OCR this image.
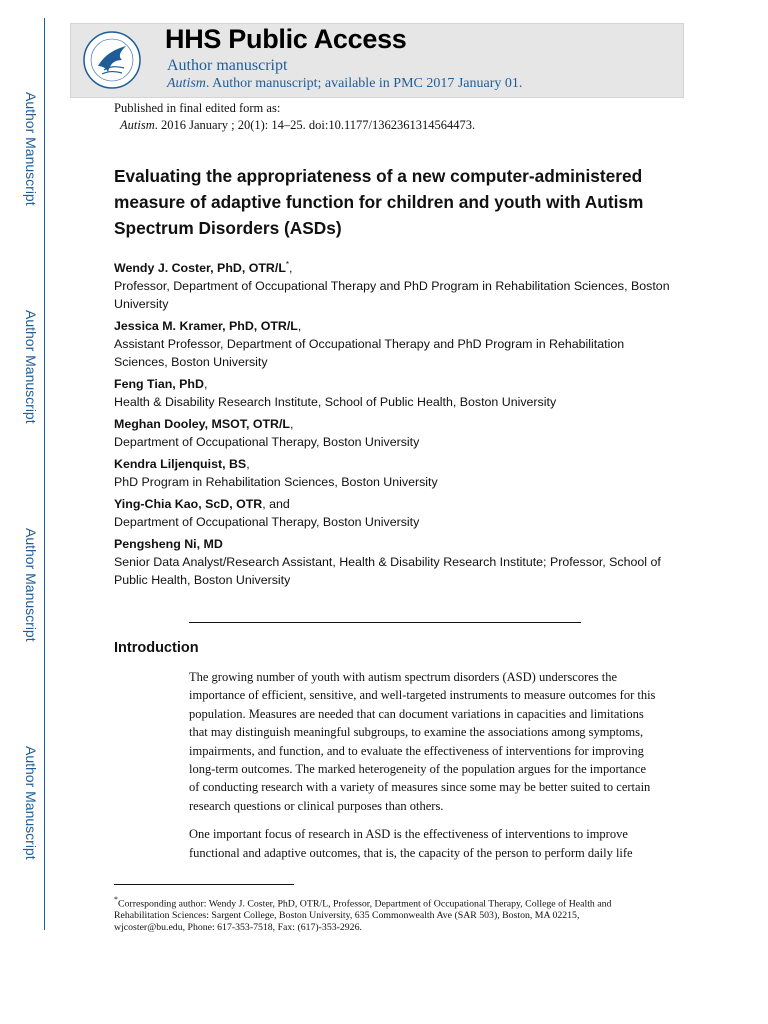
Author Manuscript
Author Manuscript
Author Manuscript
Author Manuscript
HHS Public Access
Author manuscript
Autism. Author manuscript; available in PMC 2017 January 01.
Published in final edited form as:
Autism. 2016 January ; 20(1): 14–25. doi:10.1177/1362361314564473.
Evaluating the appropriateness of a new computer-administered measure of adaptive function for children and youth with Autism Spectrum Disorders (ASDs)
Wendy J. Coster, PhD, OTR/L*,
Professor, Department of Occupational Therapy and PhD Program in Rehabilitation Sciences, Boston University
Jessica M. Kramer, PhD, OTR/L,
Assistant Professor, Department of Occupational Therapy and PhD Program in Rehabilitation Sciences, Boston University
Feng Tian, PhD,
Health & Disability Research Institute, School of Public Health, Boston University
Meghan Dooley, MSOT, OTR/L,
Department of Occupational Therapy, Boston University
Kendra Liljenquist, BS,
PhD Program in Rehabilitation Sciences, Boston University
Ying-Chia Kao, ScD, OTR, and
Department of Occupational Therapy, Boston University
Pengsheng Ni, MD
Senior Data Analyst/Research Assistant, Health & Disability Research Institute; Professor, School of Public Health, Boston University
Introduction

The growing number of youth with autism spectrum disorders (ASD) underscores the importance of efficient, sensitive, and well-targeted instruments to measure outcomes for this population. Measures are needed that can document variations in capacities and limitations that may distinguish meaningful subgroups, to examine the associations among symptoms, impairments, and function, and to evaluate the effectiveness of interventions for improving long-term outcomes. The marked heterogeneity of the population argues for the importance of conducting research with a variety of measures since some may be better suited to certain research questions or clinical purposes than others.

One important focus of research in ASD is the effectiveness of interventions to improve functional and adaptive outcomes, that is, the capacity of the person to perform daily life

*Corresponding author: Wendy J. Coster, PhD, OTR/L, Professor, Department of Occupational Therapy, College of Health and Rehabilitation Sciences: Sargent College, Boston University, 635 Commonwealth Ave (SAR 503), Boston, MA 02215, wjcoster@bu.edu, Phone: 617-353-7518, Fax: (617)-353-2926.
